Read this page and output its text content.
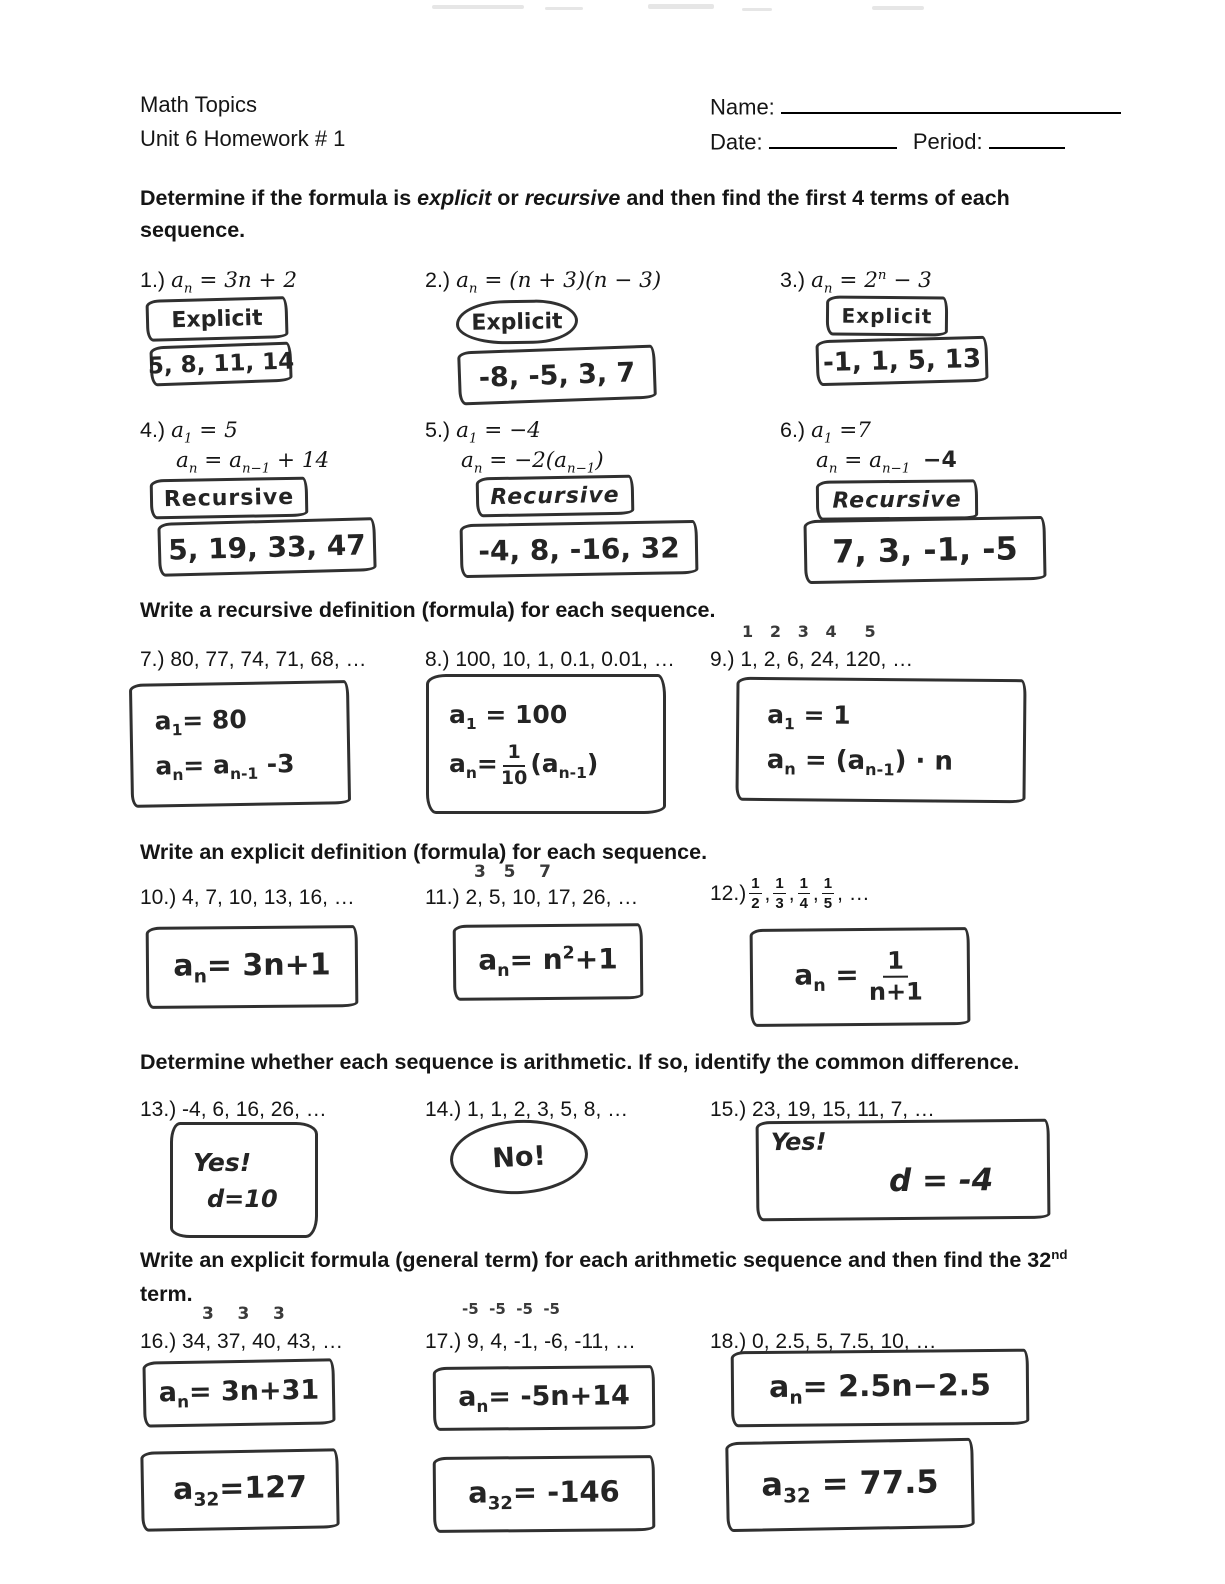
Math Topics
Unit 6 Homework # 1
Name:
Date:	Period:
Determine if the formula is explicit or recursive and then find the first 4 terms of each sequence.
1.) $a_n = 3n + 2$	2.) $a_n = (n + 3)(n - 3)$	3.) $a_n = 2^n - 3$
Explicit
5, 8, 11, 14
Explicit
-8, -5, 3, 7
Explicit
-1, 1, 5, 13
4.) $a_1 = 5$
$a_n = a_{n-1} + 14$
5.) $a_1 = -4$
$a_n = -2(a_{n-1})$
6.) $a_1 =7$
$a_n = a_{n-1} -4$
Recursive
5, 19, 33, 47
Recursive
-4, 8, -16, 32
Recursive
7, 3, -1, -5
Write a recursive definition (formula) for each sequence.
1   2   3   4     5
7.) 80, 77, 74, 71, 68, …	8.) 100, 10, 1, 0.1, 0.01, … 9.) 1, 2, 6, 24, 120, …
$a_1= 80$
$a_n= a_{n-1}$ -3
$a_1 = 100$
$a_n= \frac{1}{10} (a_{n-1})$
$a_1 = 1$
$a_n = (a_{n-1}) \cdot n$
Write an explicit definition (formula) for each sequence.
3   5    7
10.) 4, 7, 10, 13, 16, …	11.) 2, 5, 10, 17, 26, …	$12.) \frac{1}{2}$ , $\frac{1}{3}$ , $\frac{1}{4}$ , $\frac{1}{5}$ , …
$a_n= 3n+1$	$a_n= n^2+1$	$a_n = \frac{1}{n+1}$
Determine whether each sequence is arithmetic. If so, identify the common difference.
13.) -4, 6, 16, 26, …	14.) 1, 1, 2, 3, 5, 8, …	15.) 23, 19, 15, 11, 7, …
Yes!
d=10
No!	Yes!
d = -4
Write an explicit formula (general term) for each arithmetic sequence and then find the 32nd
term.
3    3    3	-5  -5  -5  -5
16.) 34, 37, 40, 43, …	17.) 9, 4, -1, -6, -11, …	18.) 0, 2.5, 5, 7.5, 10, …
$a_n= 3n+31$
$a_{32}=127$
$a_n= -5n+14$
$a_{32}= -146$
$a_n= 2.5n-2.5$
$a_{32} = 77.5$
